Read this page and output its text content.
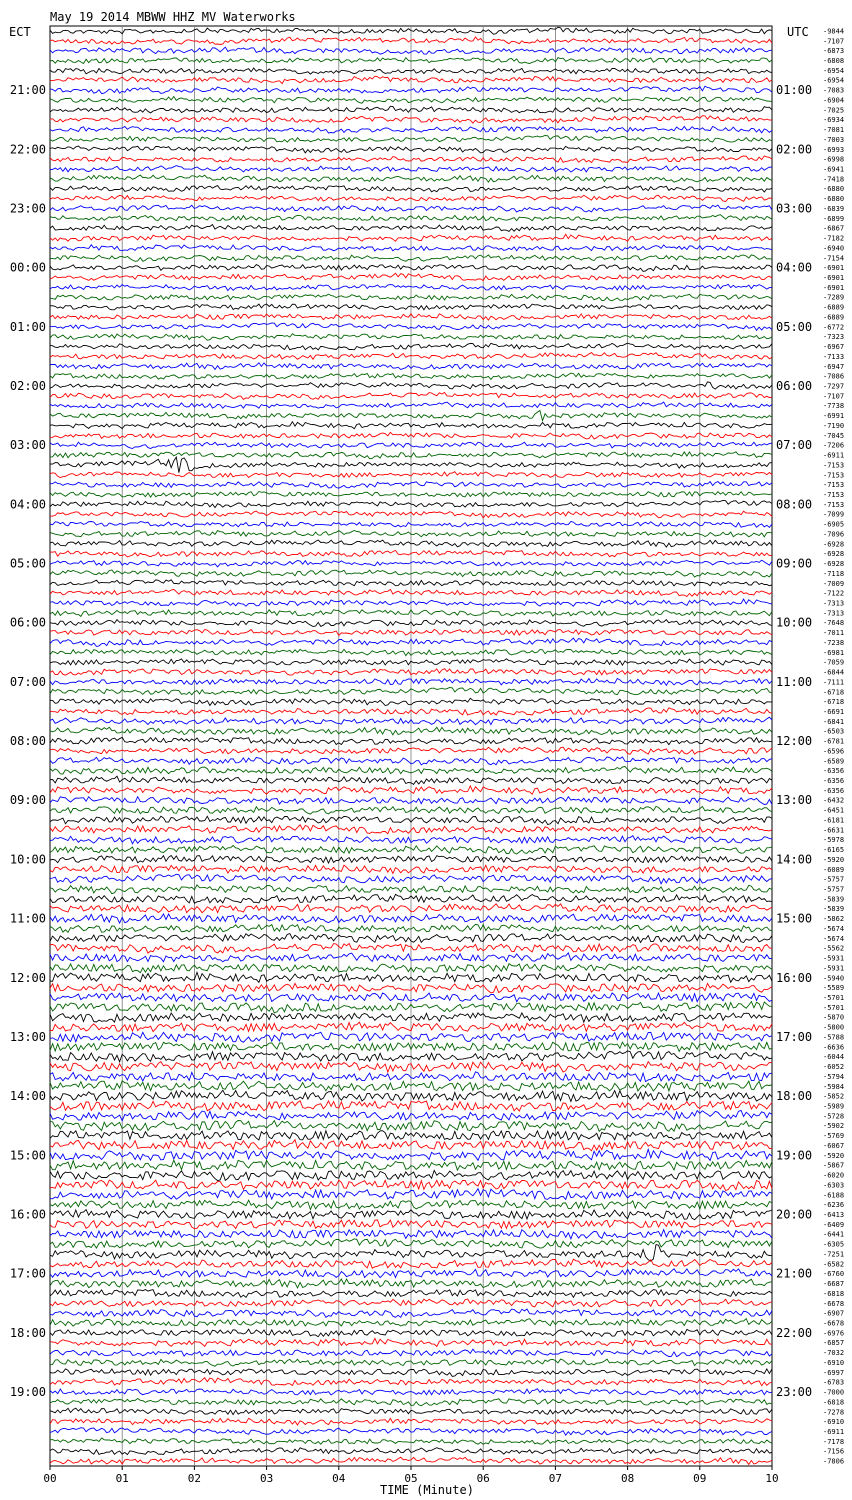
May 19 2014 MBWW HHZ MV Waterworks
ECT	UTC
TIME (Minute)
21:00
22:00
23:00
00:00
01:00
02:00
03:00
04:00
05:00
06:00
07:00
08:00
09:00
10:00
11:00
12:00
13:00
14:00
15:00
16:00
17:00
18:00
19:00
01:00
02:00
03:00
04:00
05:00
06:00
07:00
08:00
09:00
10:00
11:00
12:00
13:00
14:00
15:00
16:00
17:00
18:00
19:00
20:00
21:00
22:00
23:00
-9844
-7107
-6873
-6808
-6954
-6954
-7083
-6904
-7025
-6934
-7081
-7003
-6993
-6998
-6941
-7418
-6880
-6880
-6839
-6899
-6867
-7182
-6940
-7154
-6901
-6901
-6901
-7289
-6889
-6889
-6772
-7323
-6967
-7133
-6947
-7086
-7297
-7107
-7738
-6991
-7190
-7045
-7206
-6911
-7153
-7153
-7153
-7153
-7153
-7099
-6905
-7096
-6928
-6928
-6928
-7118
-7009
-7122
-7313
-7313
-7648
-7011
-7238
-6981
-7059
-6844
-7111
-6718
-6718
-6691
-6841
-6503
-6781
-6596
-6589
-6356
-6356
-6356
-6432
-6451
-6181
-6631
-5978
-6165
-5920
-6089
-5757
-5757
-5839
-5839
-5862
-5674
-5674
-5562
-5931
-5931
-5940
-5589
-5701
-5701
-5870
-5800
-5788
-6636
-6044
-6052
-5794
-5984
-5852
-5989
-5728
-5902
-5769
-6067
-5920
-5867
-6020
-6303
-6188
-6236
-6413
-6409
-6441
-6305
-7251
-6582
-6760
-6687
-6818
-6678
-6907
-6678
-6976
-6857
-7032
-6910
-6997
-6783
-7000
-6818
-7278
-6910
-6911
-7178
-7156
-7806
00	01	02	03	04	05	06	07	08	09	10
